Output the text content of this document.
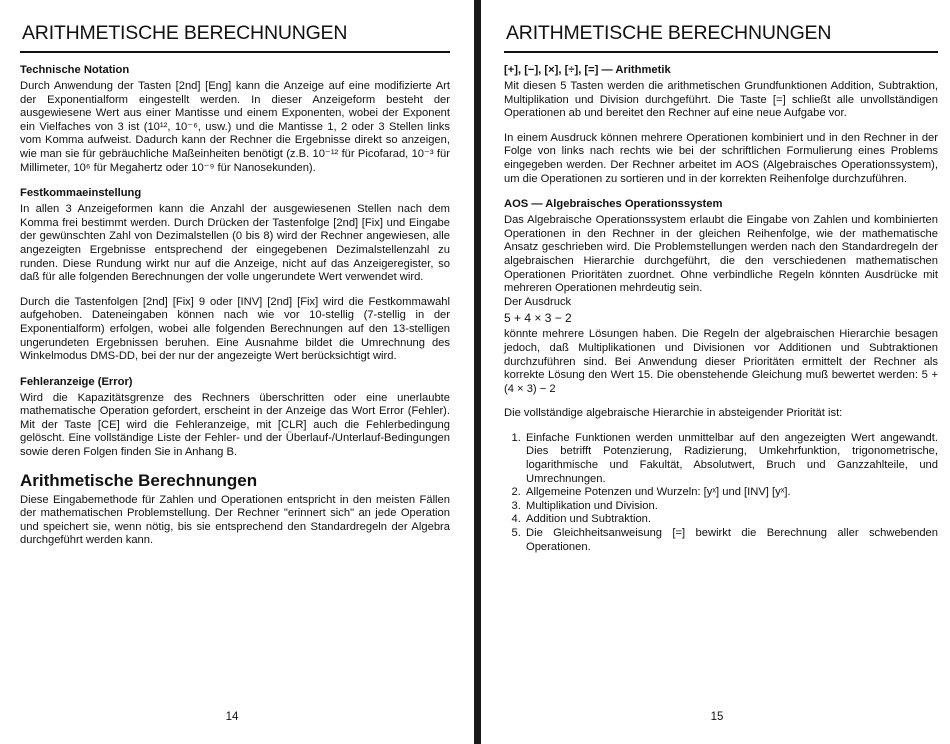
ARITHMETISCHE BERECHNUNGEN
Technische Notation

Durch Anwendung der Tasten [2nd] [Eng] kann die Anzeige auf eine modifizierte Art der Exponentialform eingestellt werden. In dieser Anzeigeform besteht der ausgewiesene Wert aus einer Mantisse und einem Exponenten, wobei der Exponent ein Vielfaches von 3 ist (10¹², 10⁻⁶, usw.) und die Mantisse 1, 2 oder 3 Stellen links vom Komma aufweist. Dadurch kann der Rechner die Ergebnisse direkt so anzeigen, wie man sie für gebräuchliche Maßeinheiten benötigt (z.B. 10⁻¹² für Picofarad, 10⁻³ für Millimeter, 10⁶ für Megahertz oder 10⁻⁹ für Nanosekunden).

Festkommaeinstellung

In allen 3 Anzeigeformen kann die Anzahl der ausgewiesenen Stellen nach dem Komma frei bestimmt werden. Durch Drücken der Tastenfolge [2nd] [Fix] und Eingabe der gewünschten Zahl von Dezimalstellen (0 bis 8) wird der Rechner angewiesen, alle angezeigten Ergebnisse entsprechend der eingegebenen Dezimalstellenzahl zu runden. Diese Rundung wirkt nur auf die Anzeige, nicht auf das Anzeigeregister, so daß für alle folgenden Berechnungen der volle ungerundete Wert verwendet wird.

Durch die Tastenfolgen [2nd] [Fix] 9 oder [INV] [2nd] [Fix] wird die Festkommawahl aufgehoben. Dateneingaben können nach wie vor 10-stellig (7-stellig in der Exponentialform) erfolgen, wobei alle folgenden Berechnungen auf den 13-stelligen ungerundeten Ergebnissen beruhen. Eine Ausnahme bildet die Umrechnung des Winkelmodus DMS-DD, bei der nur der angezeigte Wert berücksichtigt wird.

Fehleranzeige (Error)

Wird die Kapazitätsgrenze des Rechners überschritten oder eine unerlaubte mathematische Operation gefordert, erscheint in der Anzeige das Wort Error (Fehler). Mit der Taste [CE] wird die Fehleranzeige, mit [CLR] auch die Fehlerbedingung gelöscht. Eine vollständige Liste der Fehler- und der Überlauf-/Unterlauf-Bedingungen sowie deren Folgen finden Sie in Anhang B.

Arithmetische Berechnungen

Diese Eingabemethode für Zahlen und Operationen entspricht in den meisten Fällen der mathematischen Problemstellung. Der Rechner "erinnert sich" an jede Operation und speichert sie, wenn nötig, bis sie entsprechend den Standardregeln der Algebra durchgeführt werden kann.

14
ARITHMETISCHE BERECHNUNGEN
[+], [−], [×], [÷], [=] — Arithmetik

Mit diesen 5 Tasten werden die arithmetischen Grundfunktionen Addition, Subtraktion, Multiplikation und Division durchgeführt. Die Taste [=] schließt alle unvollständigen Operationen ab und bereitet den Rechner auf eine neue Aufgabe vor.

In einem Ausdruck können mehrere Operationen kombiniert und in den Rechner in der Folge von links nach rechts wie bei der schriftlichen Formulierung eines Problems eingegeben werden. Der Rechner arbeitet im AOS (Algebraisches Operationssystem), um die Operationen zu sortieren und in der korrekten Reihenfolge durchzuführen.

AOS — Algebraisches Operationssystem

Das Algebraische Operationssystem erlaubt die Eingabe von Zahlen und kombinierten Operationen in den Rechner in der gleichen Reihenfolge, wie der mathematische Ansatz geschrieben wird. Die Problemstellungen werden nach den Standardregeln der algebraischen Hierarchie durchgeführt, die den verschiedenen mathematischen Operationen Prioritäten zuordnet. Ohne verbindliche Regeln könnten Ausdrücke mit mehreren Operationen mehrdeutig sein.

Der Ausdruck

5 + 4 × 3 − 2

könnte mehrere Lösungen haben. Die Regeln der algebraischen Hierarchie besagen jedoch, daß Multiplikationen und Divisionen vor Additionen und Subtraktionen durchzuführen sind. Bei Anwendung dieser Prioritäten ermittelt der Rechner als korrekte Lösung den Wert 15. Die obenstehende Gleichung muß bewertet werden: 5 + (4 × 3) − 2

Die vollständige algebraische Hierarchie in absteigender Priorität ist:

1. Einfache Funktionen werden unmittelbar auf den angezeigten Wert angewandt. Dies betrifft Potenzierung, Radizierung, Umkehrfunktion, trigonometrische, logarithmische und Fakultät, Absolutwert, Bruch und Ganzzahlteile, und Umrechnungen.
2. Allgemeine Potenzen und Wurzeln: [yˣ] und [INV] [yˣ].
3. Multiplikation und Division.
4. Addition und Subtraktion.
5. Die Gleichheitsanweisung [=] bewirkt die Berechnung aller schwebenden Operationen.
15
